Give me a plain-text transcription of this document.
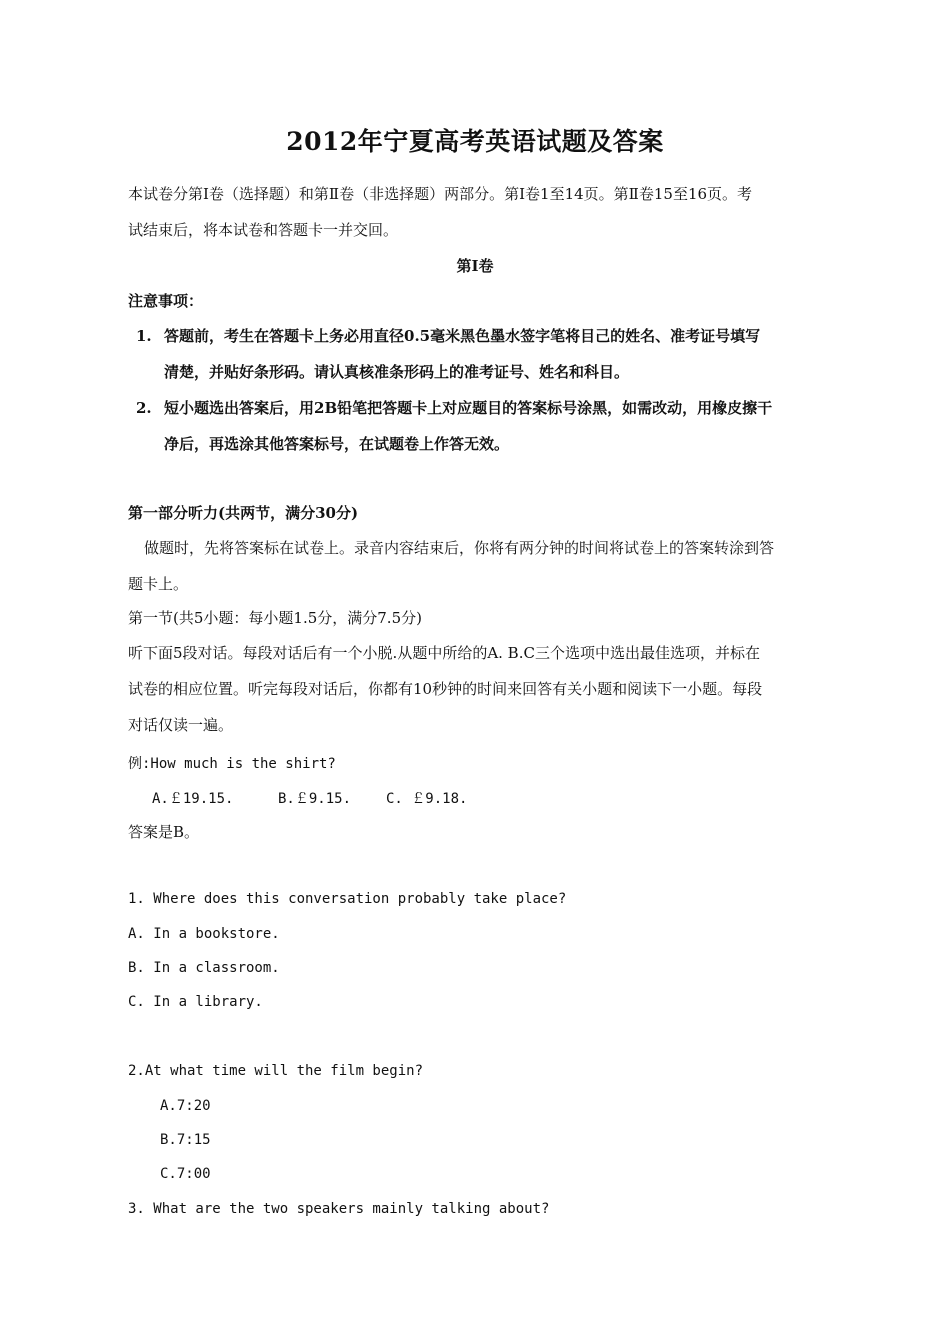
2012年宁夏高考英语试题及答案
本试卷分第Ⅰ卷（选择题）和第Ⅱ卷（非选择题）两部分。第Ⅰ卷1至14页。第Ⅱ卷15至16页。考
试结束后，将本试卷和答题卡一并交回。
第Ⅰ卷
注意事项：
1. 答题前，考生在答题卡上务必用直径0.5毫米黑色墨水签字笔将目己的姓名、准考证号填写
清楚，并贴好条形码。请认真核准条形码上的准考证号、姓名和科目。
2. 短小题选出答案后，用2B铅笔把答题卡上对应题目的答案标号涂黑，如需改动，用橡皮擦干
净后，再选涂其他答案标号，在试题卷上作答无效。
第一部分听力(共两节，满分30分)
做题时，先将答案标在试卷上。录音内容结束后，你将有两分钟的时间将试卷上的答案转涂到答
题卡上。
第一节(共5小题：每小题1.5分，满分7.5分)
听下面5段对话。每段对话后有一个小脱.从题中所给的A. B.C三个选项中选出最佳选项，并标在
试卷的相应位置。听完每段对话后，你都有10秒钟的时间来回答有关小题和阅读下一小题。每段
对话仅读一遍。
例:How much is the shirt?
A.￡19.15.	B.￡9.15. C. ￡9.18.
答案是B。
1. Where does this conversation probably take place?
A. In a bookstore.
B. In a classroom.
C. In a library.
2.At what time will the film begin?
A.7:20
B.7:15
C.7:00
3. What are the two speakers mainly talking about?
